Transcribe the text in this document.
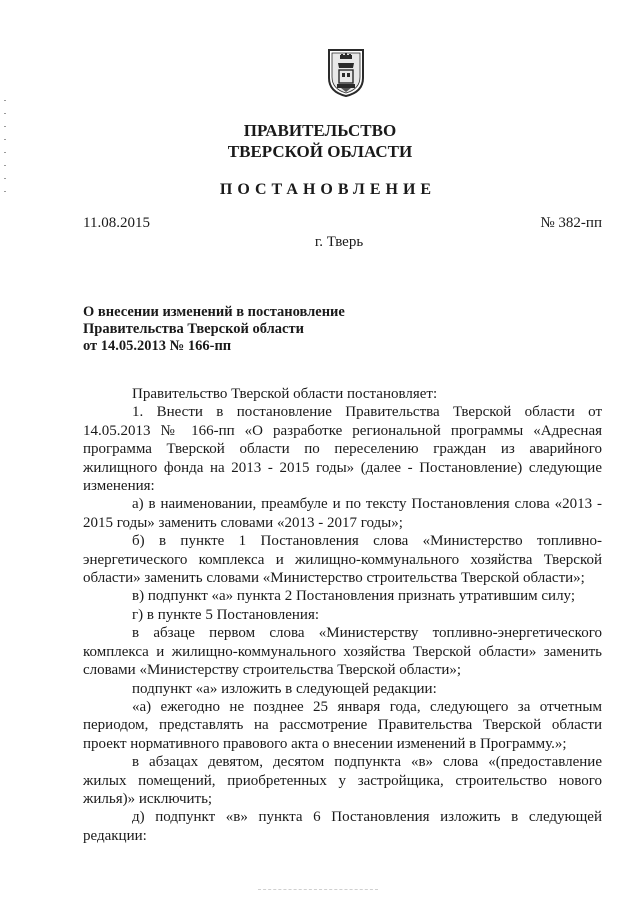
ПРАВИТЕЛЬСТВО
ТВЕРСКОЙ ОБЛАСТИ
ПОСТАНОВЛЕНИЕ
11.08.2015	№ 382-пп
г. Тверь
О внесении изменений в постановление
Правительства Тверской области
от 14.05.2013 № 166-пп

Правительство Тверской области постановляет:

1. Внести в постановление Правительства Тверской области от 14.05.2013 № 166-пп «О разработке региональной программы «Адресная программа Тверской области по переселению граждан из аварийного жилищного фонда на 2013 - 2015 годы» (далее - Постановление) следующие изменения:

а) в наименовании, преамбуле и по тексту Постановления слова «2013 - 2015 годы» заменить словами «2013 - 2017 годы»;

б) в пункте 1 Постановления слова «Министерство топливно-энергетического комплекса и жилищно-коммунального хозяйства Тверской области» заменить словами «Министерство строительства Тверской области»;

в) подпункт «а» пункта 2 Постановления признать утратившим силу;

г) в пункте 5 Постановления:

в абзаце первом слова «Министерству топливно-энергетического комплекса и жилищно-коммунального хозяйства Тверской области» заменить словами «Министерству строительства Тверской области»;

подпункт «а» изложить в следующей редакции:

«а) ежегодно не позднее 25 января года, следующего за отчетным периодом, представлять на рассмотрение Правительства Тверской области проект нормативного правового акта о внесении изменений в Программу.»;

в абзацах девятом, десятом подпункта «в» слова «(предоставление жилых помещений, приобретенных у застройщика, строительство нового жилья)» исключить;

д) подпункт «в» пункта 6 Постановления изложить в следующей редакции:
